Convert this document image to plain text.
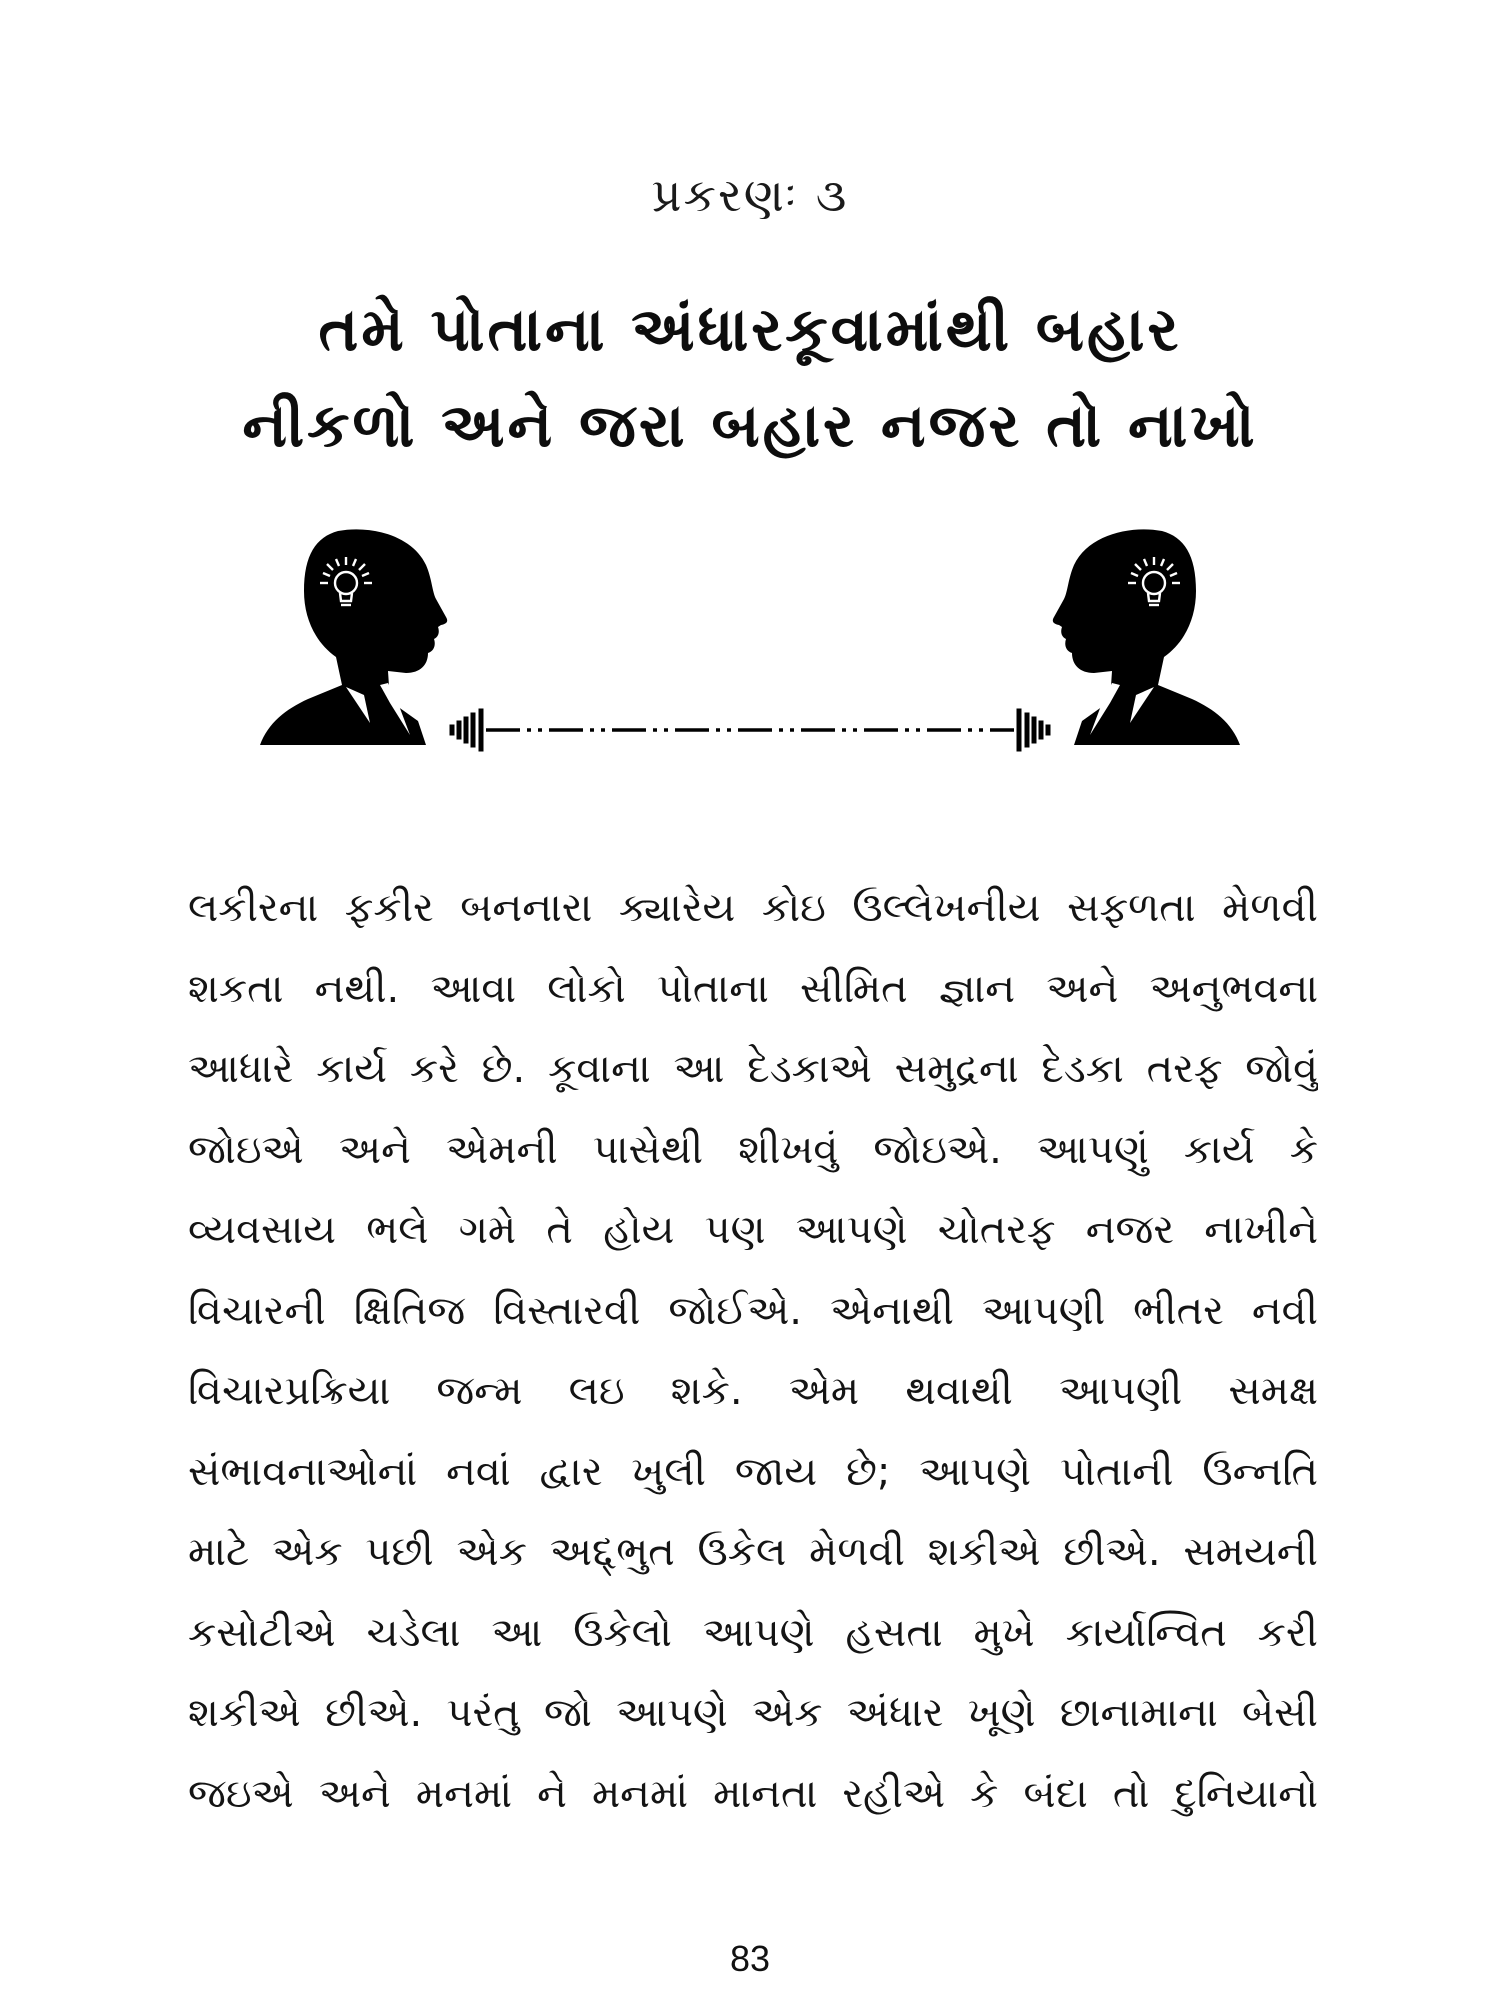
પ્રકરણઃ ૩
તમે પોતાના અંધારકૂવામાંથી બહાર
નીકળો અને જરા બહાર નજર તો નાખો
લકીરના ફકીર બનનારા ક્યારેય કોઇ ઉલ્લેખનીય સફળતા મેળવી
શકતા નથી. આવા લોકો પોતાના સીમિત જ્ઞાન અને અનુભવના
આધારે કાર્ય કરે છે. કૂવાના આ દેડકાએ સમુદ્રના દેડકા તરફ જોવું
જોઇએ અને એમની પાસેથી શીખવું જોઇએ. આપણું કાર્ય કે
વ્યવસાય ભલે ગમે તે હોય પણ આપણે ચોતરફ નજર નાખીને
વિચારની ક્ષિતિજ વિસ્તારવી જોઈએ. એનાથી આપણી ભીતર નવી
વિચારપ્રક્રિયા જન્મ લઇ શકે. એમ થવાથી આપણી સમક્ષ
સંભાવનાઓનાં નવાં દ્વાર ખુલી જાય છે; આપણે પોતાની ઉન્નતિ
માટે એક પછી એક અદ્દ્ભુત ઉકેલ મેળવી શકીએ છીએ. સમયની
કસોટીએ ચડેલા આ ઉકેલો આપણે હસતા મુખે કાર્યાન્વિત કરી
શકીએ છીએ. પરંતુ જો આપણે એક અંધાર ખૂણે છાનામાના બેસી
જઇએ અને મનમાં ને મનમાં માનતા રહીએ કે બંદા તો દુનિયાનો
83
